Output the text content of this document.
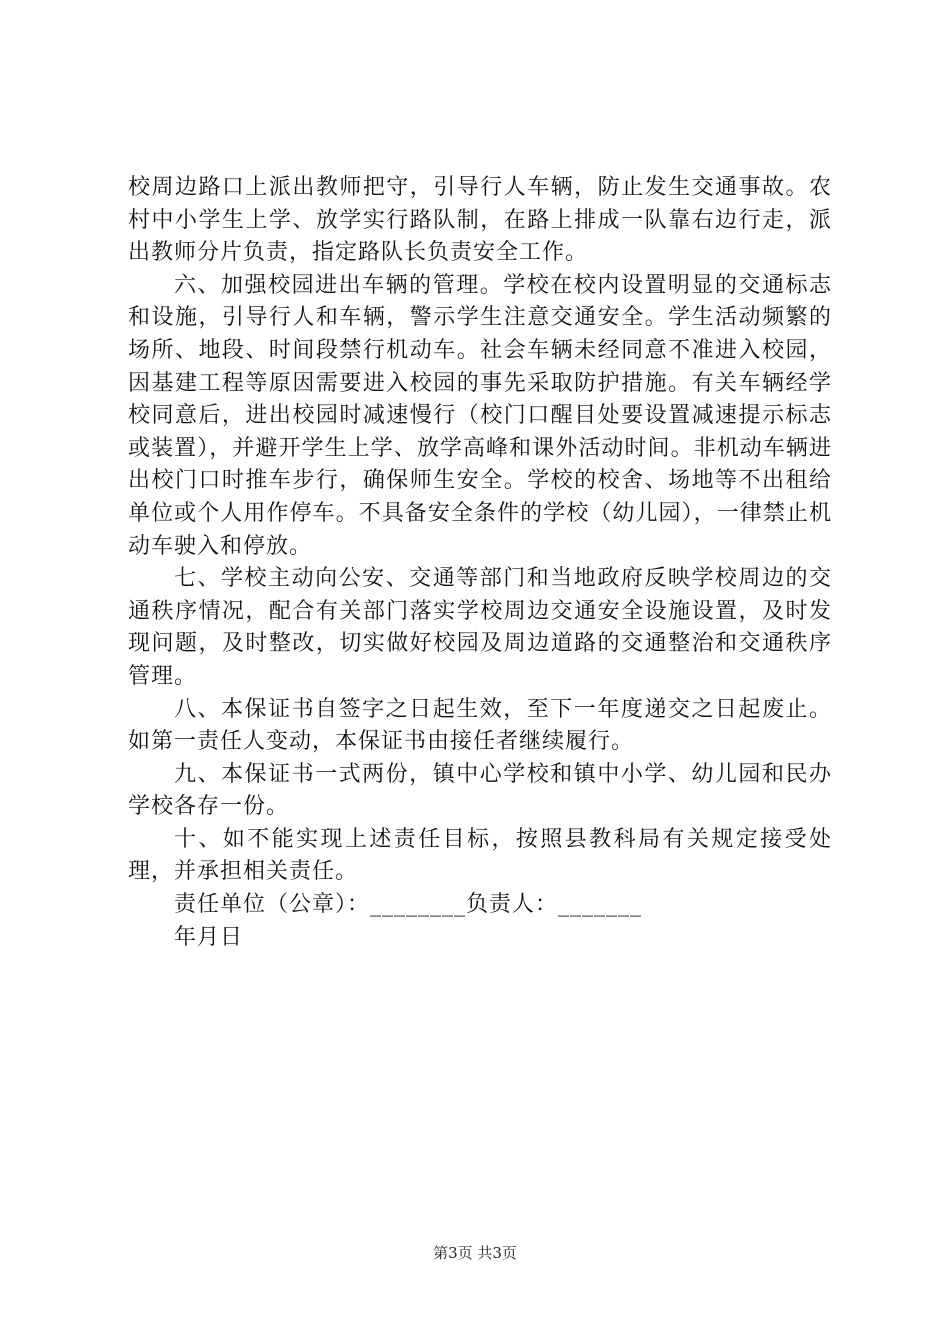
校周边路口上派出教师把守，引导行人车辆，防止发生交通事故。农村中小学生上学、放学实行路队制，在路上排成一队靠右边行走，派出教师分片负责，指定路队长负责安全工作。

六、加强校园进出车辆的管理。学校在校内设置明显的交通标志和设施，引导行人和车辆，警示学生注意交通安全。学生活动频繁的场所、地段、时间段禁行机动车。社会车辆未经同意不准进入校园，因基建工程等原因需要进入校园的事先采取防护措施。有关车辆经学校同意后，进出校园时减速慢行（校门口醒目处要设置减速提示标志或装置），并避开学生上学、放学高峰和课外活动时间。非机动车辆进出校门口时推车步行，确保师生安全。学校的校舍、场地等不出租给单位或个人用作停车。不具备安全条件的学校（幼儿园），一律禁止机动车驶入和停放。

七、学校主动向公安、交通等部门和当地政府反映学校周边的交通秩序情况，配合有关部门落实学校周边交通安全设施设置，及时发现问题，及时整改，切实做好校园及周边道路的交通整治和交通秩序管理。

八、本保证书自签字之日起生效，至下一年度递交之日起废止。如第一责任人变动，本保证书由接任者继续履行。

九、本保证书一式两份，镇中心学校和镇中小学、幼儿园和民办学校各存一份。

十、如不能实现上述责任目标，按照县教科局有关规定接受处理，并承担相关责任。

责任单位（公章）：________负责人：_______

年月日

第3页 共3页
